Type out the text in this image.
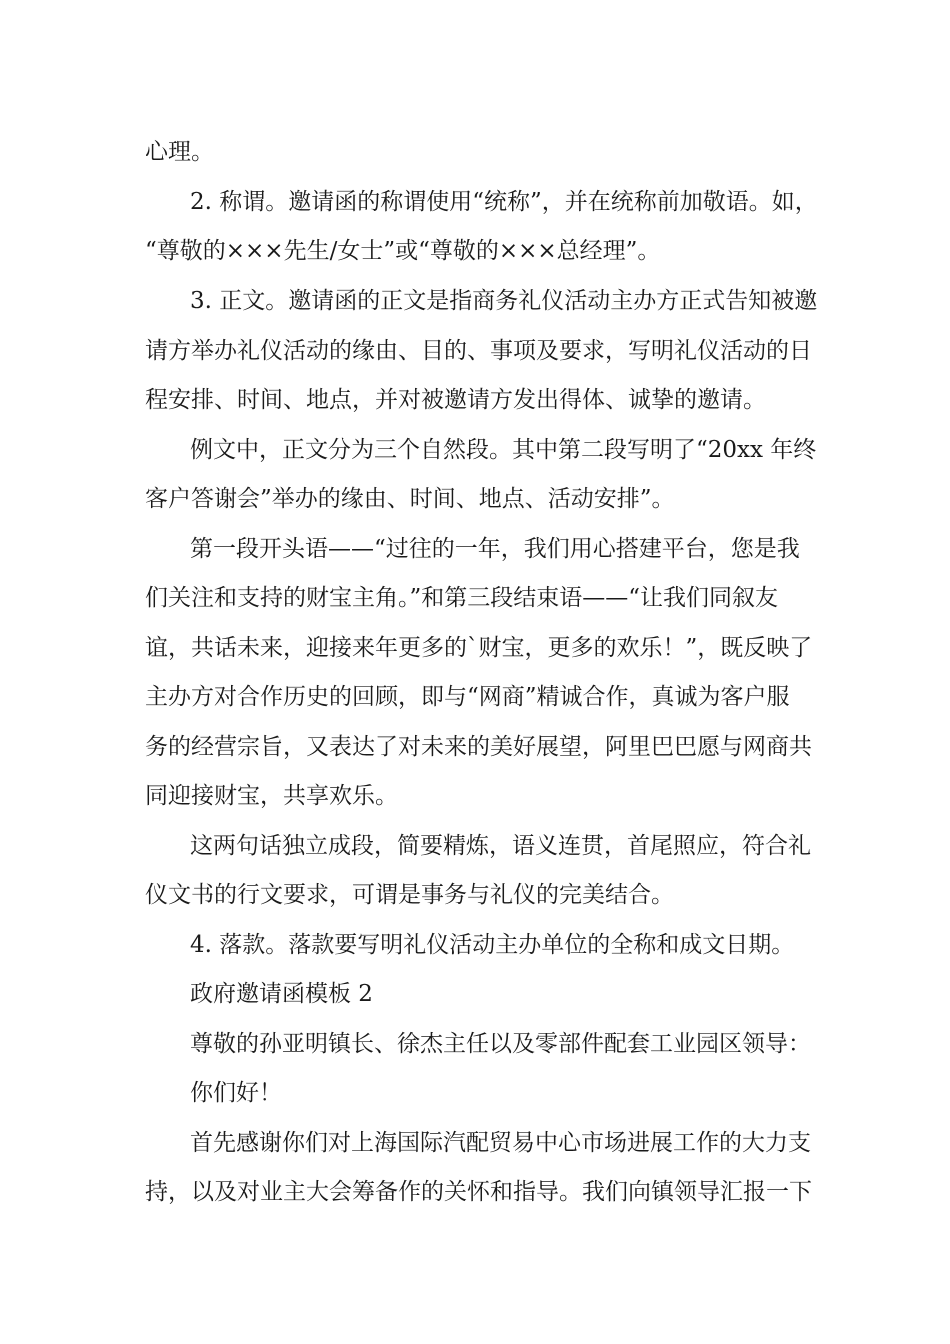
心理。
2. 称谓。邀请函的称谓使用“统称”，并在统称前加敬语。如，
“尊敬的×××先生/女士”或“尊敬的×××总经理”。
3. 正文。邀请函的正文是指商务礼仪活动主办方正式告知被邀
请方举办礼仪活动的缘由、目的、事项及要求，写明礼仪活动的日
程安排、时间、地点，并对被邀请方发出得体、诚挚的邀请。
例文中，正文分为三个自然段。其中第二段写明了“20xx 年终
客户答谢会”举办的缘由、时间、地点、活动安排”。
第一段开头语——“过往的一年，我们用心搭建平台，您是我
们关注和支持的财宝主角。”和第三段结束语——“让我们同叙友
谊，共话未来，迎接来年更多的`财宝，更多的欢乐！”，既反映了
主办方对合作历史的回顾，即与“网商”精诚合作，真诚为客户服
务的经营宗旨，又表达了对未来的美好展望，阿里巴巴愿与网商共
同迎接财宝，共享欢乐。
这两句话独立成段，简要精炼，语义连贯，首尾照应，符合礼
仪文书的行文要求，可谓是事务与礼仪的完美结合。
4. 落款。落款要写明礼仪活动主办单位的全称和成文日期。
政府邀请函模板 2
尊敬的孙亚明镇长、徐杰主任以及零部件配套工业园区领导：
你们好！
首先感谢你们对上海国际汽配贸易中心市场进展工作的大力支
持，以及对业主大会筹备作的关怀和指导。我们向镇领导汇报一下
